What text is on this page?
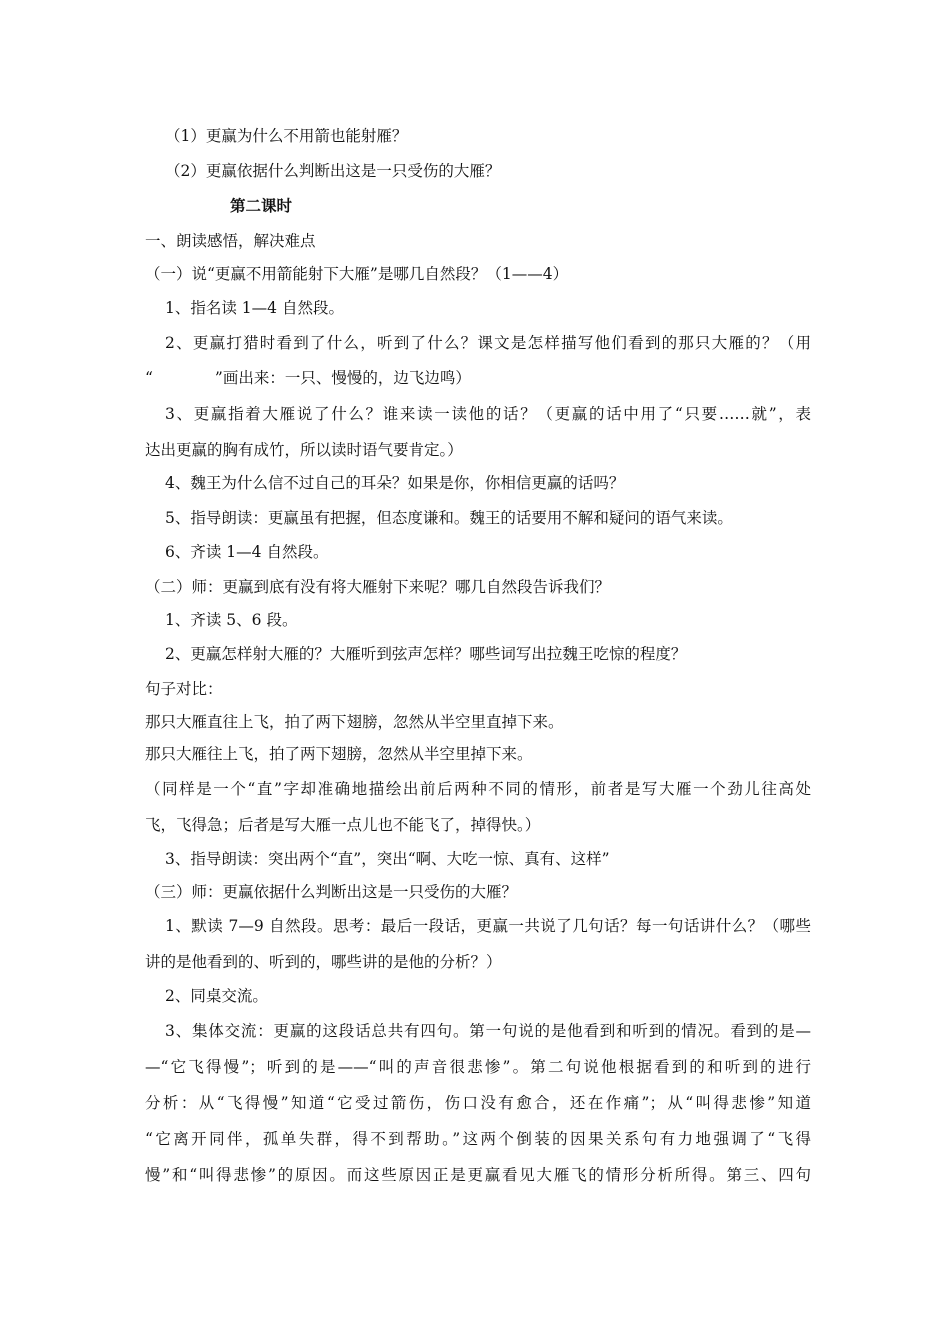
（1）更赢为什么不用箭也能射雁？
（2）更赢依据什么判断出这是一只受伤的大雁？
第二课时
一、朗读感悟，解决难点
（一）说“更赢不用箭能射下大雁”是哪几自然段？（1——4）
1、指名读 1—4 自然段。
2、更赢打猎时看到了什么，听到了什么？课文是怎样描写他们看到的那只大雁的？（用
“　　　　”画出来：一只、慢慢的，边飞边鸣）
3、更赢指着大雁说了什么？谁来读一读他的话？（更赢的话中用了“只要……就”，表
达出更赢的胸有成竹，所以读时语气要肯定。）
4、魏王为什么信不过自己的耳朵？如果是你，你相信更赢的话吗？
5、指导朗读：更赢虽有把握，但态度谦和。魏王的话要用不解和疑问的语气来读。
6、齐读 1—4 自然段。
（二）师：更赢到底有没有将大雁射下来呢？哪几自然段告诉我们？
1、齐读 5、6 段。
2、更赢怎样射大雁的？大雁听到弦声怎样？哪些词写出拉魏王吃惊的程度？
句子对比：
那只大雁直往上飞，拍了两下翅膀，忽然从半空里直掉下来。
那只大雁往上飞，拍了两下翅膀，忽然从半空里掉下来。
（同样是一个“直”字却准确地描绘出前后两种不同的情形，前者是写大雁一个劲儿往高处
飞，飞得急；后者是写大雁一点儿也不能飞了，掉得快。）
3、指导朗读：突出两个“直”，突出“啊、大吃一惊、真有、这样”
（三）师：更赢依据什么判断出这是一只受伤的大雁？
1、默读 7—9 自然段。思考：最后一段话，更赢一共说了几句话？每一句话讲什么？（哪些
讲的是他看到的、听到的，哪些讲的是他的分析？）
2、同桌交流。
3、集体交流：更赢的这段话总共有四句。第一句说的是他看到和听到的情况。看到的是—
—“它飞得慢”；听到的是——“叫的声音很悲惨”。第二句说他根据看到的和听到的进行
分析：从“飞得慢”知道“它受过箭伤，伤口没有愈合，还在作痛”；从“叫得悲惨”知道
“它离开同伴，孤单失群，得不到帮助。”这两个倒装的因果关系句有力地强调了“飞得
慢”和“叫得悲惨”的原因。而这些原因正是更赢看见大雁飞的情形分析所得。第三、四句
